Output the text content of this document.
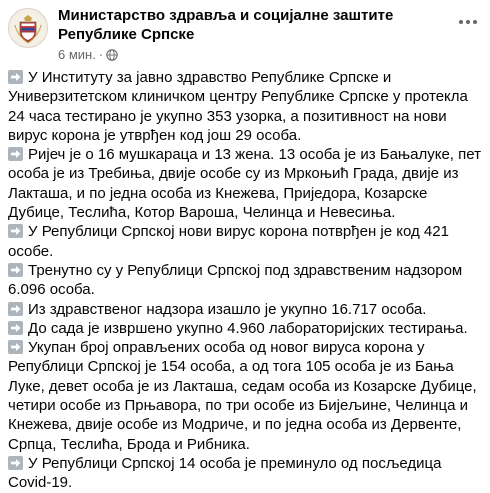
Министарство здравља и социјалне заштите Републике Српске
6 мин. ·

У Институту за јавно здравство Републике Српске и Универзитетском клиничком центру Републике Српске у протекла 24 часа тестирано је укупно 353 узорка, а позитивност на нови вирус корона је утврђен код још 29 особа.

Ријеч је о 16 мушкараца и 13 жена. 13 особа је из Бањалуке, пет особа је из Требиња, двије особе су из Мркоњић Града, двије из Лакташа, и по једна особа из Кнежева, Приједора, Козарске Дубице, Теслића, Котор Вароша, Челинца и Невесиња.

У Републици Српској нови вирус корона потврђен је код 421 особе.

Тренутно су у Републици Српској под здравственим надзором 6.096 особа.

Из здравственог надзора изашло је укупно 16.717 особа.

До сада је извршено укупно 4.960 лабораторијских тестирања.

Укупан број оправљених особа од новог вируса корона у Републици Српској је 154 особа, а од тога 105 особа је из Бања Луке, девет особа је из Лакташа, седам особа из Козарске Дубице, четири особе из Прњавора, по три особе из Бијељине, Челинца и Кнежева, двије особе из Модриче, и по једна особа из Дервенте, Српца, Теслића, Брода и Рибника.

У Републици Српској 14 особа је преминуло од посљедица Covid-19.
